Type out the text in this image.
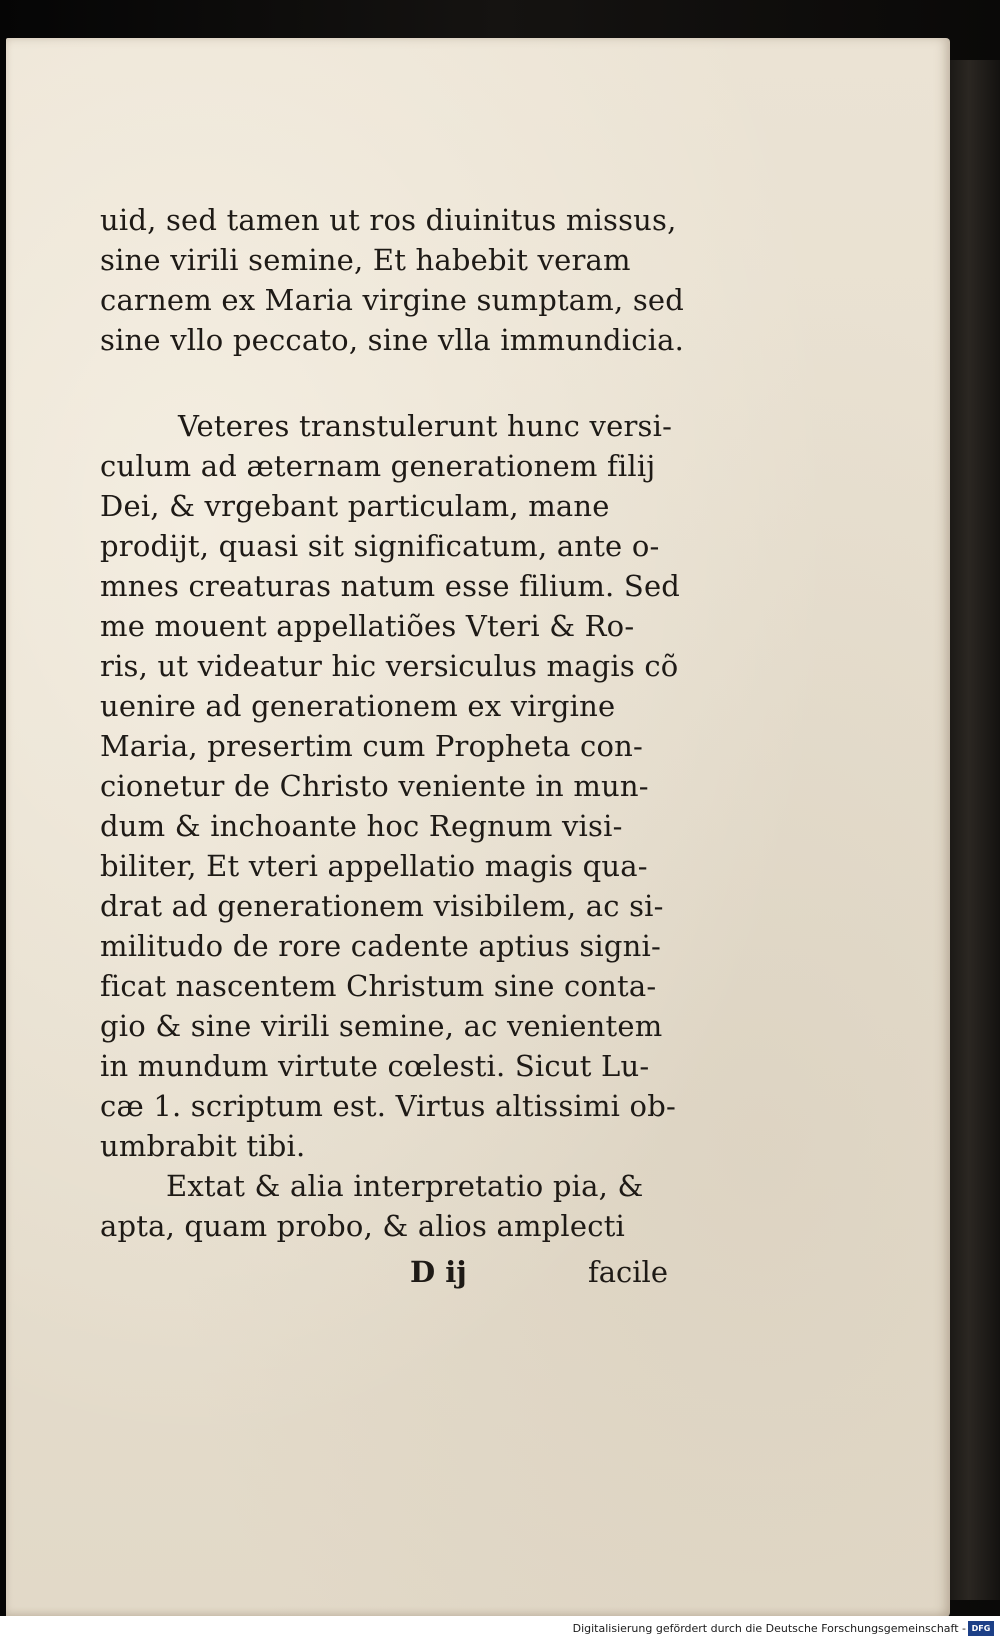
uid, sed tamen ut ros diuinitus missus,
sine virili semine, Et habebit veram
carnem ex Maria virgine sumptam, sed
sine vllo peccato, sine vlla immundicia.
Veteres transtulerunt hunc versi-
culum ad æternam generationem filij
Dei, & vrgebant particulam, mane
prodijt, quasi sit significatum, ante o-
mnes creaturas natum esse filium. Sed
me mouent appellatiões Vteri & Ro-
ris, ut videatur hic versiculus magis cõ
uenire ad generationem ex virgine
Maria, presertim cum Propheta con-
cionetur de Christo veniente in mun-
dum & inchoante hoc Regnum visi-
biliter, Et vteri appellatio magis qua-
drat ad generationem visibilem, ac si-
militudo de rore cadente aptius signi-
ficat nascentem Christum sine conta-
gio & sine virili semine, ac venientem
in mundum virtute cœlesti. Sicut Lu-
cæ 1. scriptum est. Virtus altissimi ob-
umbrabit tibi.
Extat & alia interpretatio pia, &
apta, quam probo, & alios amplecti
D ij	facile
Digitalisierung gefördert durch die Deutsche Forschungsgemeinschaft - DFG
